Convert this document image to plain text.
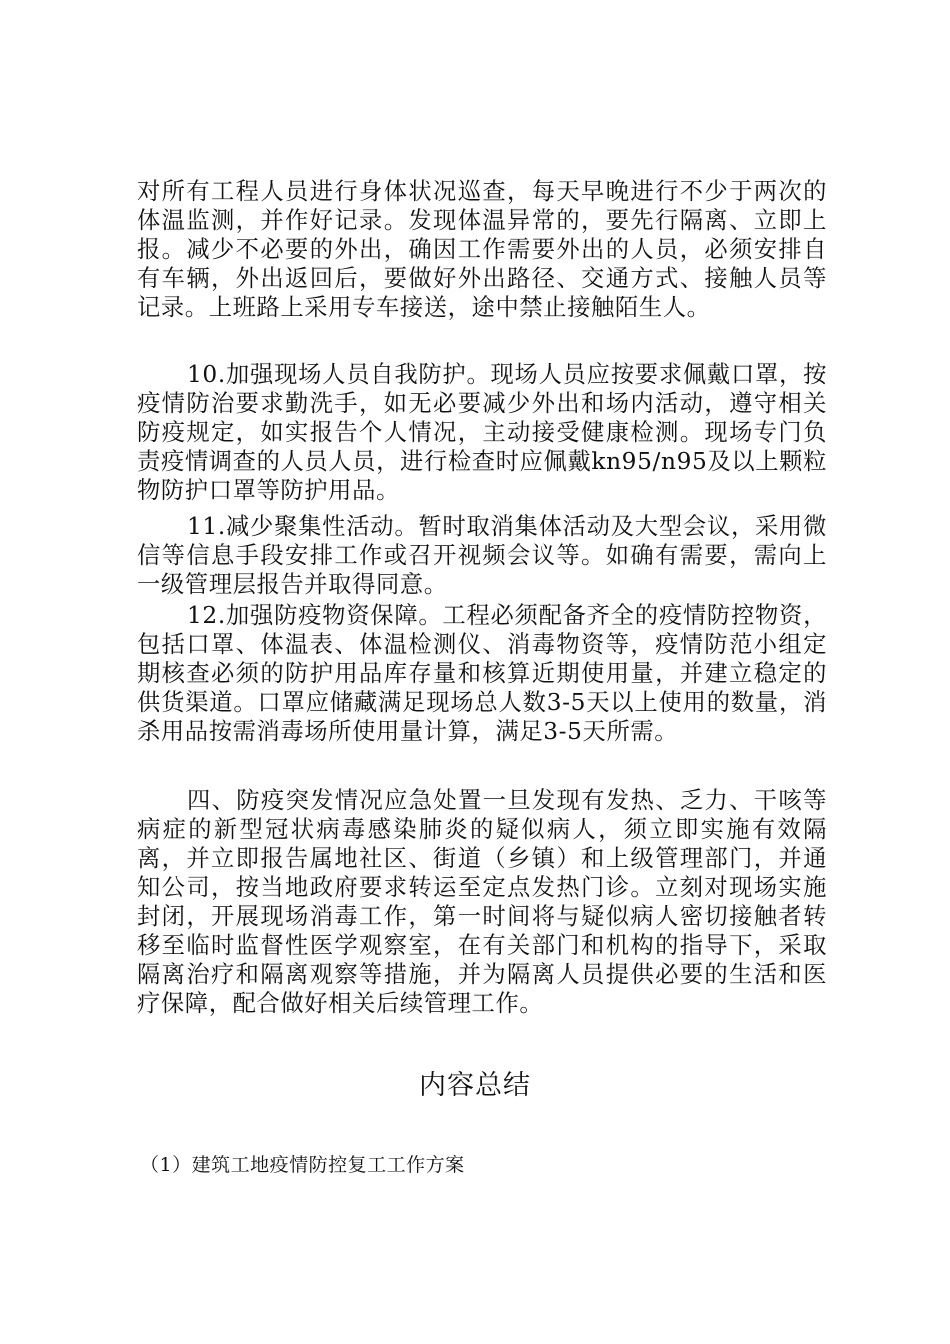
对所有工程人员进行身体状况巡查，每天早晚进行不少于两次的体温监测，并作好记录。发现体温异常的，要先行隔离、立即上报。减少不必要的外出，确因工作需要外出的人员，必须安排自有车辆，外出返回后，要做好外出路径、交通方式、接触人员等记录。上班路上采用专车接送，途中禁止接触陌生人。

10.加强现场人员自我防护。现场人员应按要求佩戴口罩，按疫情防治要求勤洗手，如无必要减少外出和场内活动，遵守相关防疫规定，如实报告个人情况，主动接受健康检测。现场专门负责疫情调查的人员人员，进行检查时应佩戴kn95/n95及以上颗粒物防护口罩等防护用品。

11.减少聚集性活动。暂时取消集体活动及大型会议，采用微信等信息手段安排工作或召开视频会议等。如确有需要，需向上一级管理层报告并取得同意。

12.加强防疫物资保障。工程必须配备齐全的疫情防控物资，包括口罩、体温表、体温检测仪、消毒物资等，疫情防范小组定期核查必须的防护用品库存量和核算近期使用量，并建立稳定的供货渠道。口罩应储藏满足现场总人数3-5天以上使用的数量，消杀用品按需消毒场所使用量计算，满足3-5天所需。

四、防疫突发情况应急处置一旦发现有发热、乏力、干咳等病症的新型冠状病毒感染肺炎的疑似病人，须立即实施有效隔离，并立即报告属地社区、街道（乡镇）和上级管理部门，并通知公司，按当地政府要求转运至定点发热门诊。立刻对现场实施封闭，开展现场消毒工作，第一时间将与疑似病人密切接触者转移至临时监督性医学观察室，在有关部门和机构的指导下，采取隔离治疗和隔离观察等措施，并为隔离人员提供必要的生活和医疗保障，配合做好相关后续管理工作。

内容总结

（1）建筑工地疫情防控复工工作方案
